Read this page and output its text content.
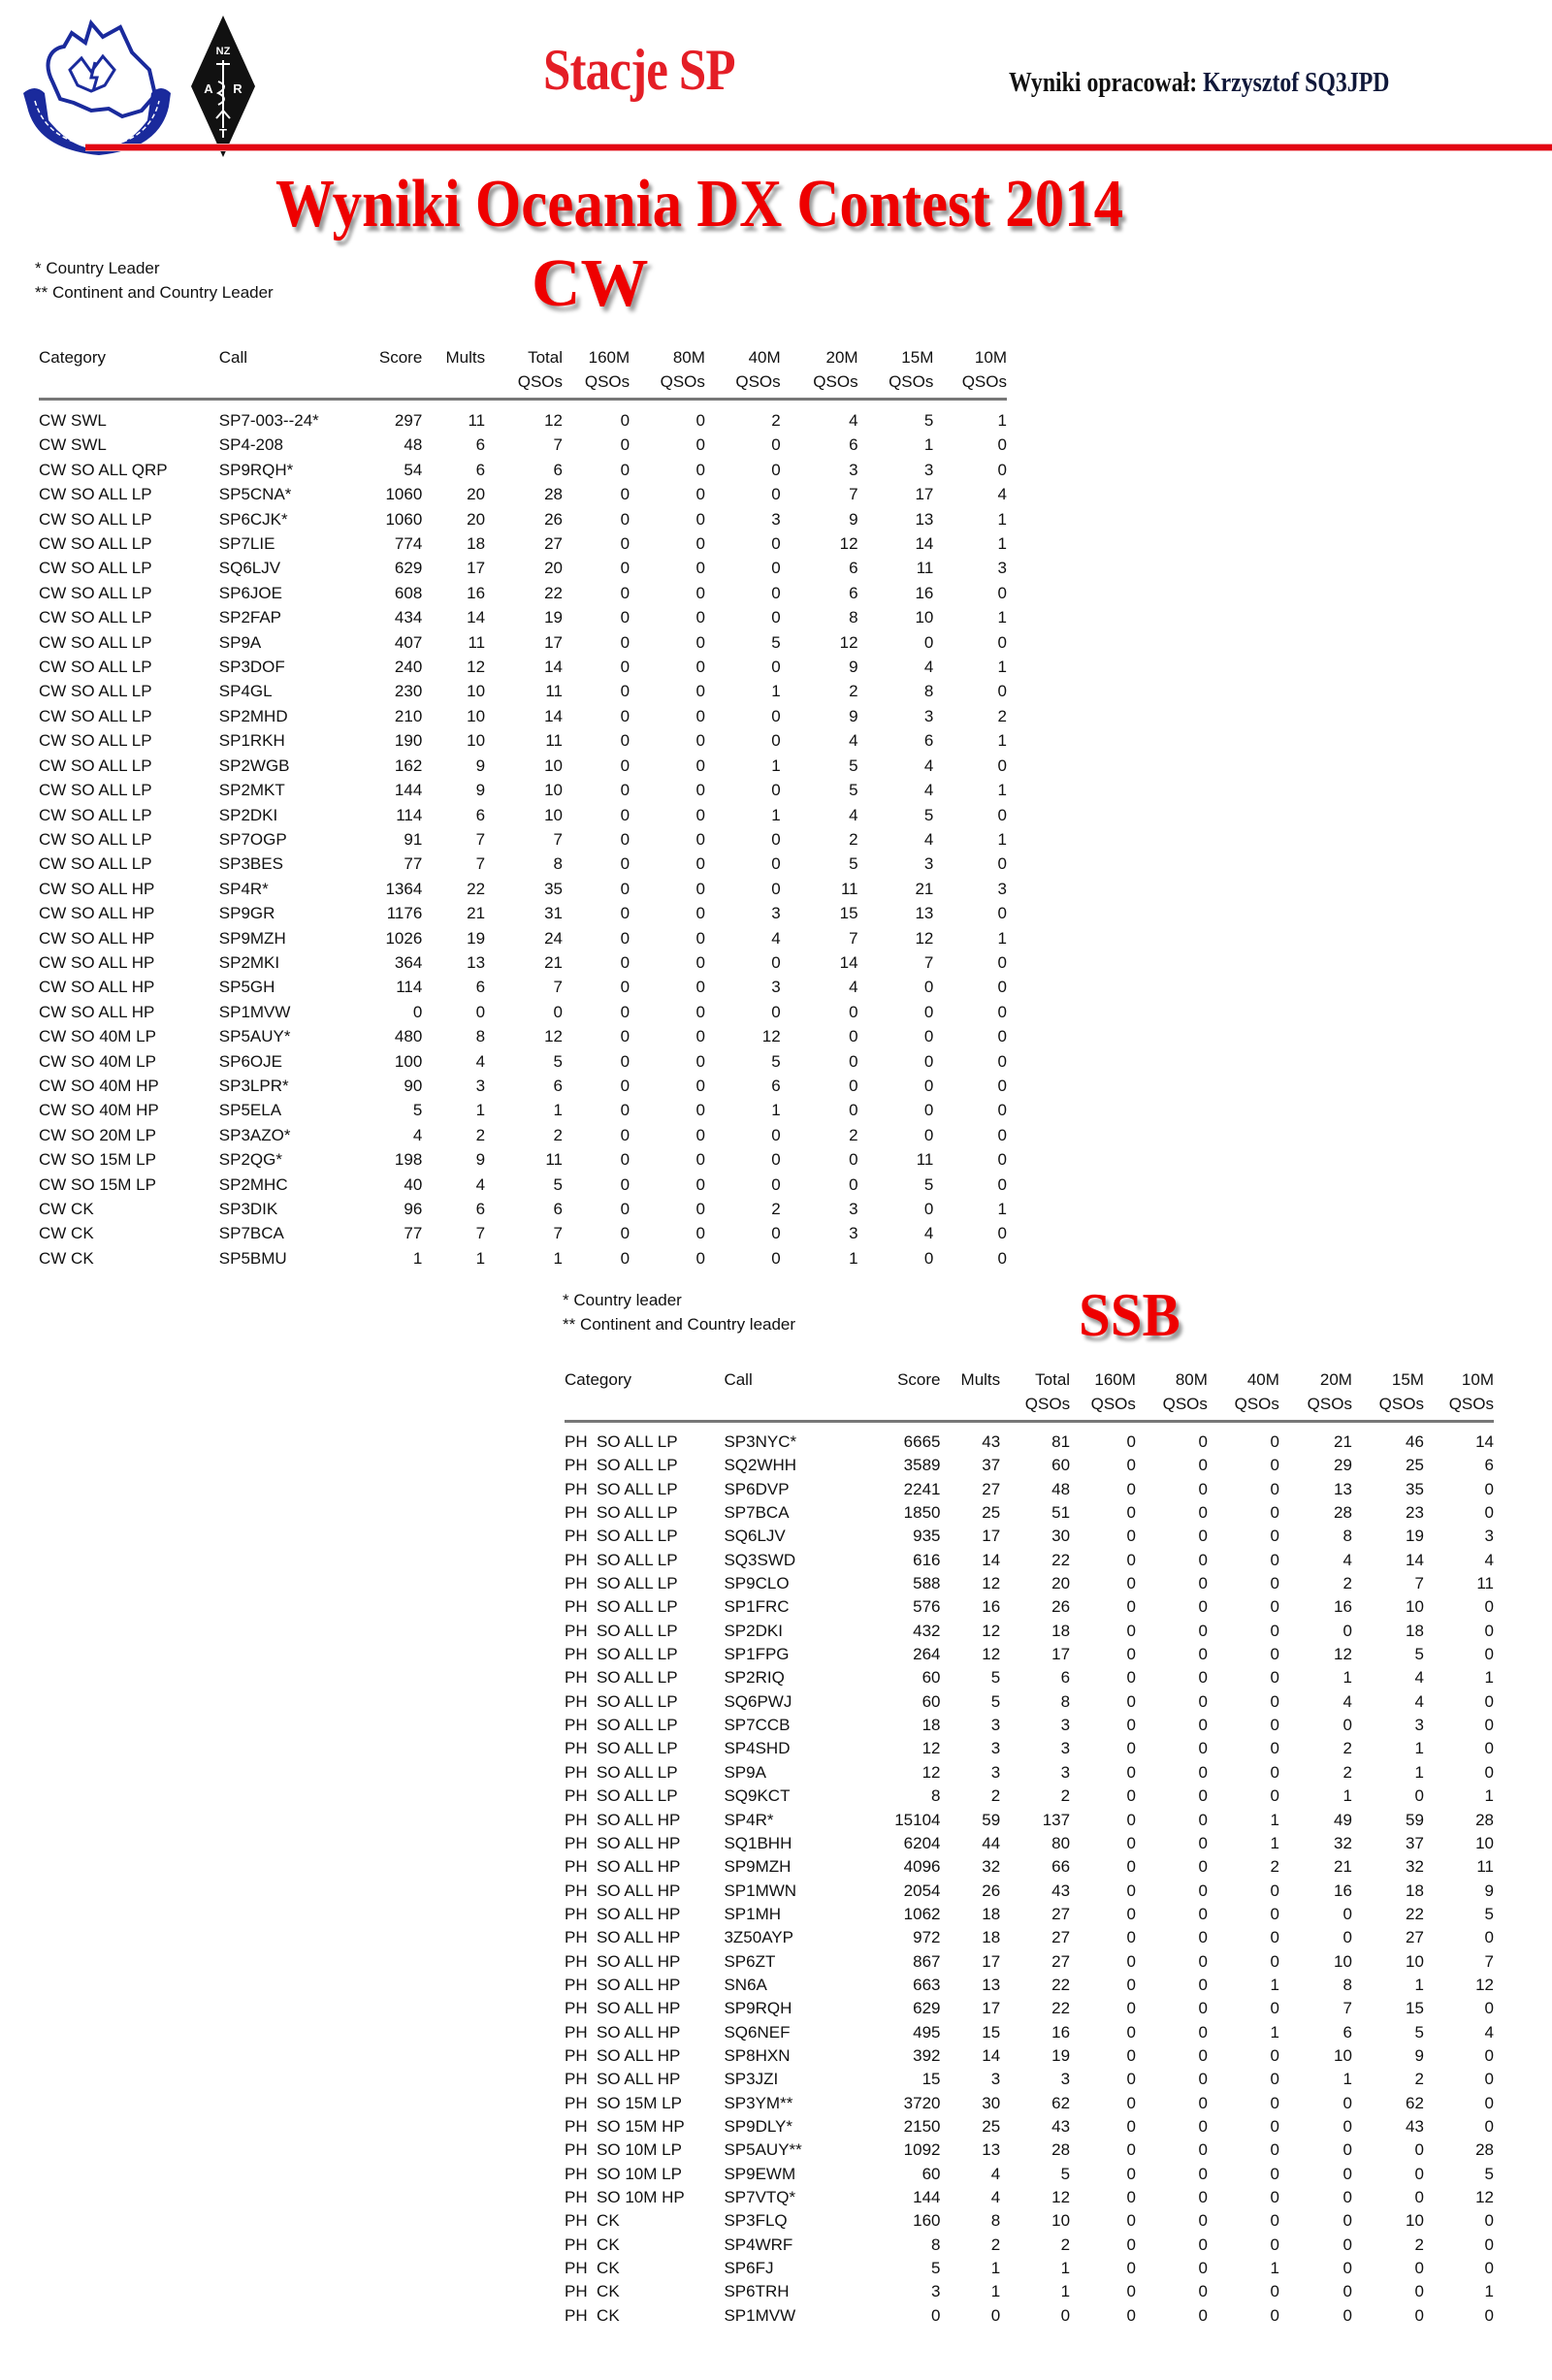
NZ
A R
T
Stacje SP	Wyniki opracował: Krzysztof SQ3JPD
Wyniki Oceania DX Contest 2014
CW
* Country Leader
** Continent and Country Leader
Category	Call	Score	Mults	Total	160M	80M	40M	20M	15M	10M
				QSOs	QSOs	QSOs	QSOs	QSOs	QSOs	QSOs

CW SWL	SP7-003--24*	297	11	12	0	0	2	4	5	1
CW SWL	SP4-208	48	6	7	0	0	0	6	1	0
CW SO ALL QRP	SP9RQH*	54	6	6	0	0	0	3	3	0
CW SO ALL LP	SP5CNA*	1060	20	28	0	0	0	7	17	4
CW SO ALL LP	SP6CJK*	1060	20	26	0	0	3	9	13	1
CW SO ALL LP	SP7LIE	774	18	27	0	0	0	12	14	1
CW SO ALL LP	SQ6LJV	629	17	20	0	0	0	6	11	3
CW SO ALL LP	SP6JOE	608	16	22	0	0	0	6	16	0
CW SO ALL LP	SP2FAP	434	14	19	0	0	0	8	10	1
CW SO ALL LP	SP9A	407	11	17	0	0	5	12	0	0
CW SO ALL LP	SP3DOF	240	12	14	0	0	0	9	4	1
CW SO ALL LP	SP4GL	230	10	11	0	0	1	2	8	0
CW SO ALL LP	SP2MHD	210	10	14	0	0	0	9	3	2
CW SO ALL LP	SP1RKH	190	10	11	0	0	0	4	6	1
CW SO ALL LP	SP2WGB	162	9	10	0	0	1	5	4	0
CW SO ALL LP	SP2MKT	144	9	10	0	0	0	5	4	1
CW SO ALL LP	SP2DKI	114	6	10	0	0	1	4	5	0
CW SO ALL LP	SP7OGP	91	7	7	0	0	0	2	4	1
CW SO ALL LP	SP3BES	77	7	8	0	0	0	5	3	0
CW SO ALL HP	SP4R*	1364	22	35	0	0	0	11	21	3
CW SO ALL HP	SP9GR	1176	21	31	0	0	3	15	13	0
CW SO ALL HP	SP9MZH	1026	19	24	0	0	4	7	12	1
CW SO ALL HP	SP2MKI	364	13	21	0	0	0	14	7	0
CW SO ALL HP	SP5GH	114	6	7	0	0	3	4	0	0
CW SO ALL HP	SP1MVW	0	0	0	0	0	0	0	0	0
CW SO 40M LP	SP5AUY*	480	8	12	0	0	12	0	0	0
CW SO 40M LP	SP6OJE	100	4	5	0	0	5	0	0	0
CW SO 40M HP	SP3LPR*	90	3	6	0	0	6	0	0	0
CW SO 40M HP	SP5ELA	5	1	1	0	0	1	0	0	0
CW SO 20M LP	SP3AZO*	4	2	2	0	0	0	2	0	0
CW SO 15M LP	SP2QG*	198	9	11	0	0	0	0	11	0
CW SO 15M LP	SP2MHC	40	4	5	0	0	0	0	5	0
CW CK	SP3DIK	96	6	6	0	0	2	3	0	1
CW CK	SP7BCA	77	7	7	0	0	0	3	4	0
CW CK	SP5BMU	1	1	1	0	0	0	1	0	0
* Country leader
** Continent and Country leader	SSB
Category	Call	Score	Mults	Total	160M	80M	40M	20M	15M	10M
				QSOs	QSOs	QSOs	QSOs	QSOs	QSOs	QSOs

PH  SO ALL LP	SP3NYC*	6665	43	81	0	0	0	21	46	14
PH  SO ALL LP	SQ2WHH	3589	37	60	0	0	0	29	25	6
PH  SO ALL LP	SP6DVP	2241	27	48	0	0	0	13	35	0
PH  SO ALL LP	SP7BCA	1850	25	51	0	0	0	28	23	0
PH  SO ALL LP	SQ6LJV	935	17	30	0	0	0	8	19	3
PH  SO ALL LP	SQ3SWD	616	14	22	0	0	0	4	14	4
PH  SO ALL LP	SP9CLO	588	12	20	0	0	0	2	7	11
PH  SO ALL LP	SP1FRC	576	16	26	0	0	0	16	10	0
PH  SO ALL LP	SP2DKI	432	12	18	0	0	0	0	18	0
PH  SO ALL LP	SP1FPG	264	12	17	0	0	0	12	5	0
PH  SO ALL LP	SP2RIQ	60	5	6	0	0	0	1	4	1
PH  SO ALL LP	SQ6PWJ	60	5	8	0	0	0	4	4	0
PH  SO ALL LP	SP7CCB	18	3	3	0	0	0	0	3	0
PH  SO ALL LP	SP4SHD	12	3	3	0	0	0	2	1	0
PH  SO ALL LP	SP9A	12	3	3	0	0	0	2	1	0
PH  SO ALL LP	SQ9KCT	8	2	2	0	0	0	1	0	1
PH  SO ALL HP	SP4R*	15104	59	137	0	0	1	49	59	28
PH  SO ALL HP	SQ1BHH	6204	44	80	0	0	1	32	37	10
PH  SO ALL HP	SP9MZH	4096	32	66	0	0	2	21	32	11
PH  SO ALL HP	SP1MWN	2054	26	43	0	0	0	16	18	9
PH  SO ALL HP	SP1MH	1062	18	27	0	0	0	0	22	5
PH  SO ALL HP	3Z50AYP	972	18	27	0	0	0	0	27	0
PH  SO ALL HP	SP6ZT	867	17	27	0	0	0	10	10	7
PH  SO ALL HP	SN6A	663	13	22	0	0	1	8	1	12
PH  SO ALL HP	SP9RQH	629	17	22	0	0	0	7	15	0
PH  SO ALL HP	SQ6NEF	495	15	16	0	0	1	6	5	4
PH  SO ALL HP	SP8HXN	392	14	19	0	0	0	10	9	0
PH  SO ALL HP	SP3JZI	15	3	3	0	0	0	1	2	0
PH  SO 15M LP	SP3YM**	3720	30	62	0	0	0	0	62	0
PH  SO 15M HP	SP9DLY*	2150	25	43	0	0	0	0	43	0
PH  SO 10M LP	SP5AUY**	1092	13	28	0	0	0	0	0	28
PH  SO 10M LP	SP9EWM	60	4	5	0	0	0	0	0	5
PH  SO 10M HP	SP7VTQ*	144	4	12	0	0	0	0	0	12
PH  CK	SP3FLQ	160	8	10	0	0	0	0	10	0
PH  CK	SP4WRF	8	2	2	0	0	0	0	2	0
PH  CK	SP6FJ	5	1	1	0	0	1	0	0	0
PH  CK	SP6TRH	3	1	1	0	0	0	0	0	1
PH  CK	SP1MVW	0	0	0	0	0	0	0	0	0
